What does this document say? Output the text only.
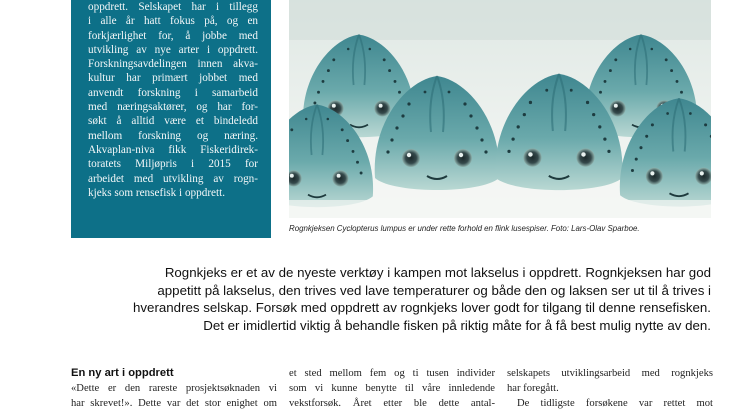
oppdrett. Selskapet har i tillegg
i alle år hatt fokus på, og en
forkjærlighet for, å jobbe med
utvikling av nye arter i oppdrett.
Forskningsavdelingen innen akva-
kultur har primært jobbet med
anvendt forskning i samarbeid
med næringsaktører, og har for-
søkt å alltid være et bindeledd
mellom forskning og næring.
Akvaplan-niva fikk Fiskeridirek-
toratets Miljøpris i 2015 for
arbeidet med utvikling av rogn-
kjeks som rensefisk i oppdrett.

Rognkjeksen Cyclopterus lumpus er under rette forhold en flink lusespiser. Foto: Lars-Olav Sparboe.

Rognkjeks er et av de nyeste verktøy i kampen mot lakselus i oppdrett. Rognkjeksen har god
appetitt på lakselus, den trives ved lave temperaturer og både den og laksen ser ut til å trives i
hverandres selskap. Forsøk med oppdrett av rognkjeks lover godt for tilgang til denne rensefisken.
Det er imidlertid viktig å behandle fisken på riktig måte for å få best mulig nytte av den.

En ny art i oppdrett
«Dette er den rareste prosjektsøknaden vi
har skrevet!». Dette var det stor enighet om
et sted mellom fem og ti tusen individer
som vi kunne benytte til våre innledende
vekstforsøk. Året etter ble dette antal-
selskapets utviklingsarbeid med rognkjeks
har foregått.
De tidligste forsøkene var rettet mot
